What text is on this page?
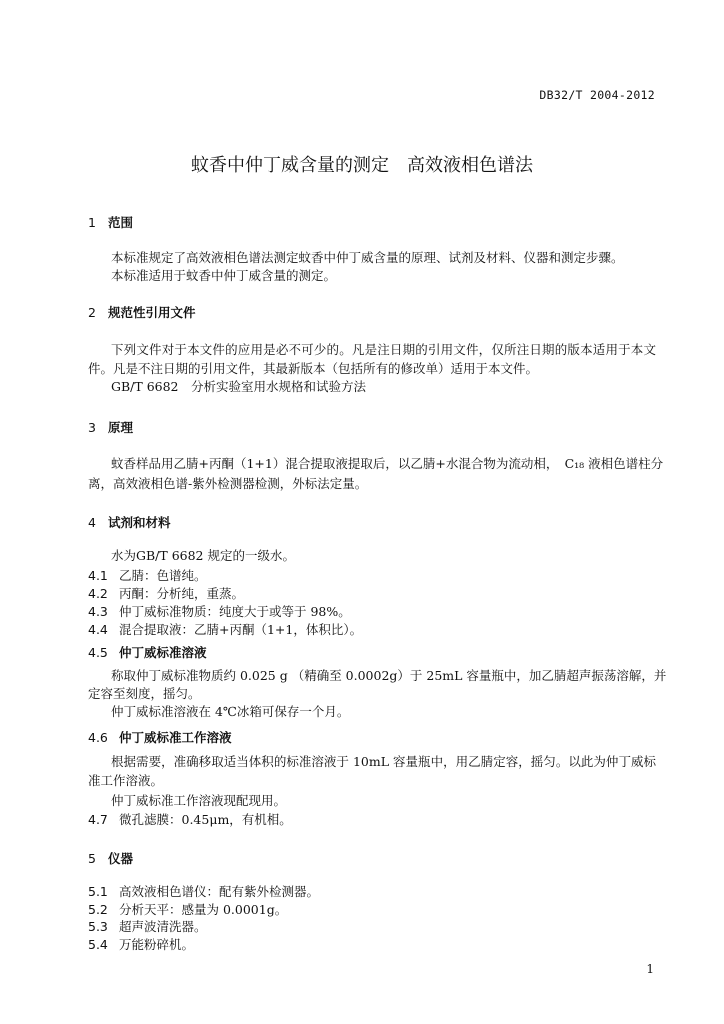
DB32/T 2004-2012
蚊香中仲丁威含量的测定　高效液相色谱法
1 范围
本标准规定了高效液相色谱法测定蚊香中仲丁威含量的原理、试剂及材料、仪器和测定步骤。
本标准适用于蚊香中仲丁威含量的测定。
2 规范性引用文件
下列文件对于本文件的应用是必不可少的。凡是注日期的引用文件，仅所注日期的版本适用于本文
件。凡是不注日期的引用文件，其最新版本（包括所有的修改单）适用于本文件。
GB/T 6682　分析实验室用水规格和试验方法
3 原理
蚊香样品用乙腈+丙酮（1+1）混合提取液提取后，以乙腈+水混合物为流动相，　C₁₈ 液相色谱柱分
离，高效液相色谱-紫外检测器检测，外标法定量。
4 试剂和材料
水为GB/T 6682 规定的一级水。
4.1 乙腈：色谱纯。
4.2 丙酮：分析纯，重蒸。
4.3 仲丁威标准物质：纯度大于或等于 98%。
4.4 混合提取液：乙腈+丙酮（1+1，体积比）。
4.5 仲丁威标准溶液
称取仲丁威标准物质约 0.025 g （精确至 0.0002g）于 25mL 容量瓶中，加乙腈超声振荡溶解，并
定容至刻度，摇匀。
仲丁威标准溶液在 4℃冰箱可保存一个月。
4.6 仲丁威标准工作溶液
根据需要，准确移取适当体积的标准溶液于 10mL 容量瓶中，用乙腈定容，摇匀。以此为仲丁威标
准工作溶液。
仲丁威标准工作溶液现配现用。
4.7 微孔滤膜：0.45μm，有机相。
5 仪器
5.1 高效液相色谱仪：配有紫外检测器。
5.2 分析天平：感量为 0.0001g。
5.3 超声波清洗器。
5.4 万能粉碎机。
1
